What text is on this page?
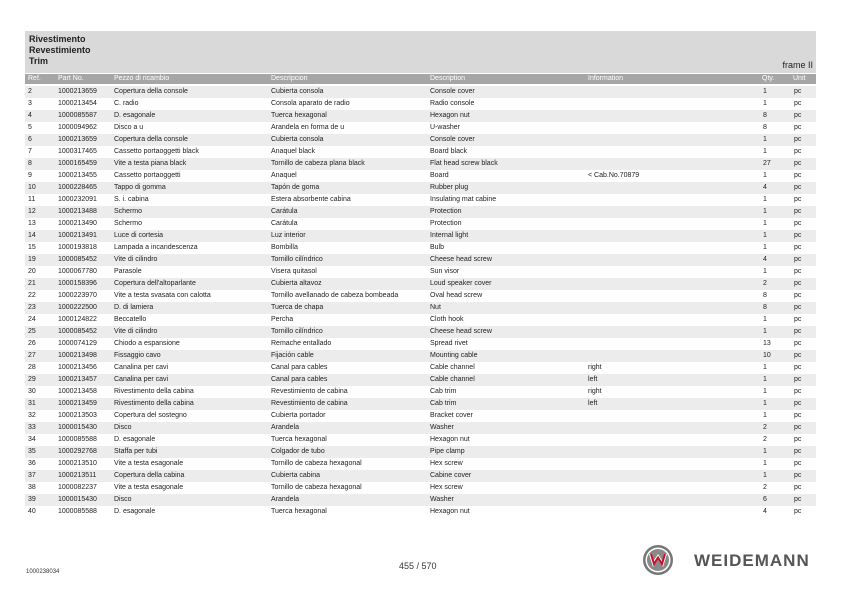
Rivestimento
Revestimiento
Trim	frame II
Ref. Part No.	Pezzo di ricambio	Descripcion	Description	Information	Qty.	Unit
2	1000213659 Copertura della console	Cubierta consola	Console cover	1	pc
3	1000213454 C. radio	Consola aparato de radio	Radio console	1	pc
4	1000085587 D. esagonale	Tuerca hexagonal	Hexagon nut	8	pc
5	1000094962 Disco a u	Arandela en forma de u	U-washer	8	pc
6	1000213659 Copertura della console	Cubierta consola	Console cover	1	pc
7	1000317465 Cassetto portaoggetti black	Anaquel black	Board black	1	pc
8	1000165459 Vite a testa piana black	Tornillo de cabeza plana black	Flat head screw black	27	pc
9	1000213455 Cassetto portaoggetti	Anaquel	Board	< Cab.No.70879	1	pc
10	1000228465 Tappo di gomma	Tapón de goma	Rubber plug	4	pc
11	1000232091 S. i. cabina	Estera absorbente cabina	Insulating mat cabine	1	pc
12	1000213488 Schermo	Carátula	Protection	1	pc
13	1000213490 Schermo	Carátula	Protection	1	pc
14	1000213491 Luce di cortesia	Luz interior	Internal light	1	pc
15	1000193818 Lampada a incandescenza	Bombilla	Bulb	1	pc
19	1000085452 Vite di cilindro	Tornillo cilíndrico	Cheese head screw	4	pc
20	1000067780 Parasole	Visera quitasol	Sun visor	1	pc
21	1000158396 Copertura dell'altoparlante	Cubierta altavoz	Loud speaker cover	2	pc
22	1000223970 Vite a testa svasata con calotta	Tornillo avellanado de cabeza bombeada	Oval head screw	8	pc
23	1000222500 D. di lamiera	Tuerca de chapa	Nut	8	pc
24	1000124822 Beccatello	Percha	Cloth hook	1	pc
25	1000085452 Vite di cilindro	Tornillo cilíndrico	Cheese head screw	1	pc
26	1000074129 Chiodo a espansione	Remache entallado	Spread rivet	13	pc
27	1000213498 Fissaggio cavo	Fijación cable	Mounting cable	10	pc
28	1000213456 Canalina per cavi	Canal para cables	Cable channel	right	1	pc
29	1000213457 Canalina per cavi	Canal para cables	Cable channel	left	1	pc
30	1000213458 Rivestimento della cabina	Revestimiento de cabina	Cab trim	right	1	pc
31	1000213459 Rivestimento della cabina	Revestimiento de cabina	Cab trim	left	1	pc
32	1000213503 Copertura del sostegno	Cubierta portador	Bracket cover	1	pc
33	1000015430 Disco	Arandela	Washer	2	pc
34	1000085588 D. esagonale	Tuerca hexagonal	Hexagon nut	2	pc
35	1000292768 Staffa per tubi	Colgador de tubo	Pipe clamp	1	pc
36	1000213510 Vite a testa esagonale	Tornillo de cabeza hexagonal	Hex screw	1	pc
37	1000213511	Copertura della cabina	Cubierta cabina	Cabine cover	1	pc
38	1000082237 Vite a testa esagonale	Tornillo de cabeza hexagonal	Hex screw	2	pc
39	1000015430 Disco	Arandela	Washer	6	pc
40	1000085588 D. esagonale	Tuerca hexagonal	Hexagon nut	4	pc
1000238034
455 / 570	WEIDEMANN
